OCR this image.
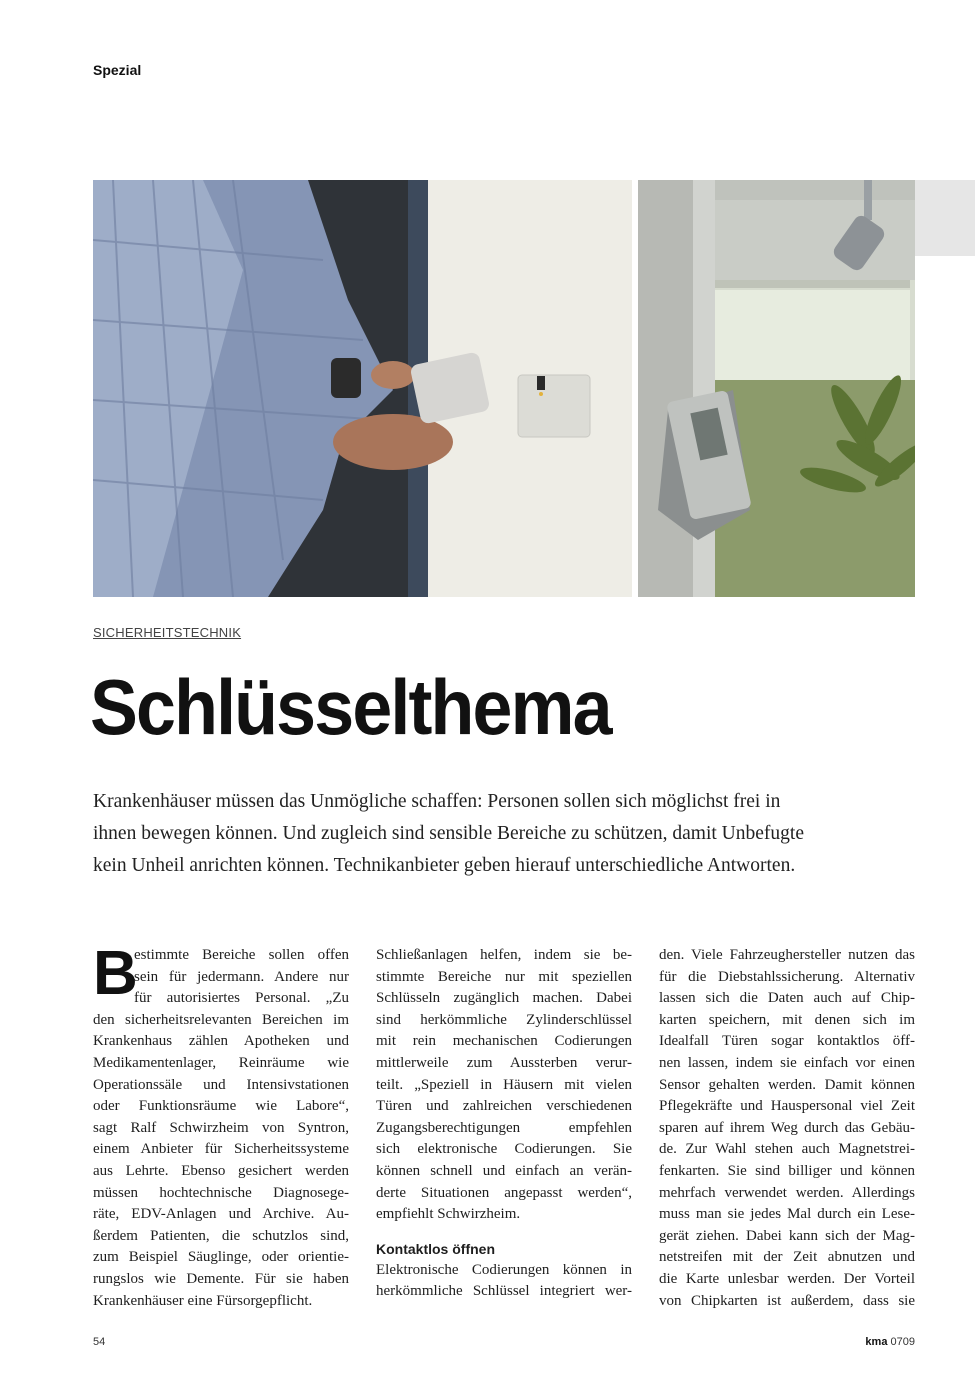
Spezial
SICHERHEITSTECHNIK
Schlüsselthema
Krankenhäuser müssen das Unmögliche schaffen: Personen sollen sich möglichst frei in
ihnen bewegen können. Und zugleich sind sensible Bereiche zu schützen, damit Unbefugte
kein Unheil anrichten können. Technikanbieter geben hierauf unterschiedliche Antworten.
B
estimmte Bereiche sollen offen
sein für jedermann. Andere nur
für autorisiertes Personal. „Zu
den sicherheitsrelevanten Bereichen im
Krankenhaus zählen Apotheken und
Medikamentenlager, Reinräume wie
Operationssäle und Intensivstationen
oder Funktionsräume wie Labore“,
sagt Ralf Schwirzheim von Syntron,
einem Anbieter für Sicherheitssysteme
aus Lehrte. Ebenso gesichert werden
müssen hochtechnische Diagnosege-
räte, EDV-Anlagen und Archive. Au-
ßerdem Patienten, die schutzlos sind,
zum Beispiel Säuglinge, oder orientie-
rungslos wie Demente. Für sie haben
Krankenhäuser eine Fürsorgepflicht.
Schließanlagen helfen, indem sie be-
stimmte Bereiche nur mit speziellen
Schlüsseln zugänglich machen. Dabei
sind herkömmliche Zylinderschlüssel
mit rein mechanischen Codierungen
mittlerweile zum Aussterben verur-
teilt. „Speziell in Häusern mit vielen
Türen und zahlreichen verschiedenen
Zugangsberechtigungen empfehlen
sich elektronische Codierungen. Sie
können schnell und einfach an verän-
derte Situationen angepasst werden“,
empfiehlt Schwirzheim.
Kontaktlos öffnen
Elektronische Codierungen können in
herkömmliche Schlüssel integriert wer-
den. Viele Fahrzeughersteller nutzen das
für die Diebstahlssicherung. Alternativ
lassen sich die Daten auch auf Chip-
karten speichern, mit denen sich im
Idealfall Türen sogar kontaktlos öff-
nen lassen, indem sie einfach vor einen
Sensor gehalten werden. Damit können
Pflegekräfte und Hauspersonal viel Zeit
sparen auf ihrem Weg durch das Gebäu-
de. Zur Wahl stehen auch Magnetstrei-
fenkarten. Sie sind billiger und können
mehrfach verwendet werden. Allerdings
muss man sie jedes Mal durch ein Lese-
gerät ziehen. Dabei kann sich der Mag-
netstreifen mit der Zeit abnutzen und
die Karte unlesbar werden. Der Vorteil
von Chipkarten ist außerdem, dass sie
54	kma 0709
